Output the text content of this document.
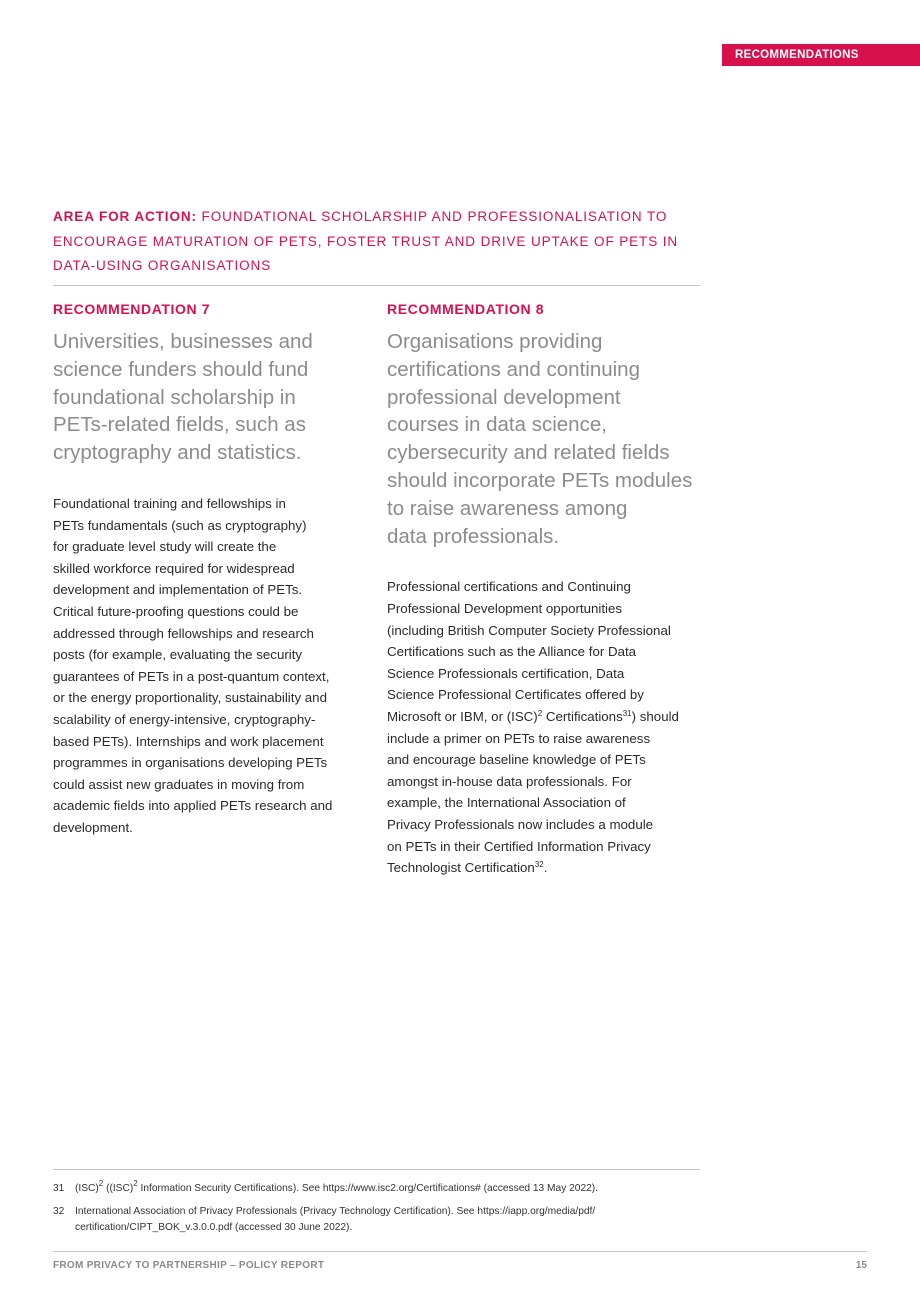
RECOMMENDATIONS
AREA FOR ACTION: FOUNDATIONAL SCHOLARSHIP AND PROFESSIONALISATION TO ENCOURAGE MATURATION OF PETS, FOSTER TRUST AND DRIVE UPTAKE OF PETS IN DATA-USING ORGANISATIONS
RECOMMENDATION 7

Universities, businesses and
science funders should fund
foundational scholarship in
PETs-related fields, such as
cryptography and statistics.

Foundational training and fellowships in
PETs fundamentals (such as cryptography)
for graduate level study will create the
skilled workforce required for widespread
development and implementation of PETs.
Critical future-proofing questions could be
addressed through fellowships and research
posts (for example, evaluating the security
guarantees of PETs in a post-quantum context,
or the energy proportionality, sustainability and
scalability of energy-intensive, cryptography-
based PETs). Internships and work placement
programmes in organisations developing PETs
could assist new graduates in moving from
academic fields into applied PETs research and
development.

RECOMMENDATION 8

Organisations providing
certifications and continuing
professional development
courses in data science,
cybersecurity and related fields
should incorporate PETs modules
to raise awareness among
data professionals.

Professional certifications and Continuing
Professional Development opportunities
(including British Computer Society Professional
Certifications such as the Alliance for Data
Science Professionals certification, Data
Science Professional Certificates offered by
Microsoft or IBM, or (ISC)$^2$ Certifications$^{31}$) should
include a primer on PETs to raise awareness
and encourage baseline knowledge of PETs
amongst in-house data professionals. For
example, the International Association of
Privacy Professionals now includes a module
on PETs in their Certified Information Privacy
Technologist Certification$^{32}$.

31 (ISC)$^2$ ((ISC)$^2$ Information Security Certifications). See https://www.isc2.org/Certifications# (accessed 13 May 2022).
32 International Association of Privacy Professionals (Privacy Technology Certification). See https://iapp.org/media/pdf/
certification/CIPT_BOK_v.3.0.0.pdf (accessed 30 June 2022).
FROM PRIVACY TO PARTNERSHIP – POLICY REPORT	15
